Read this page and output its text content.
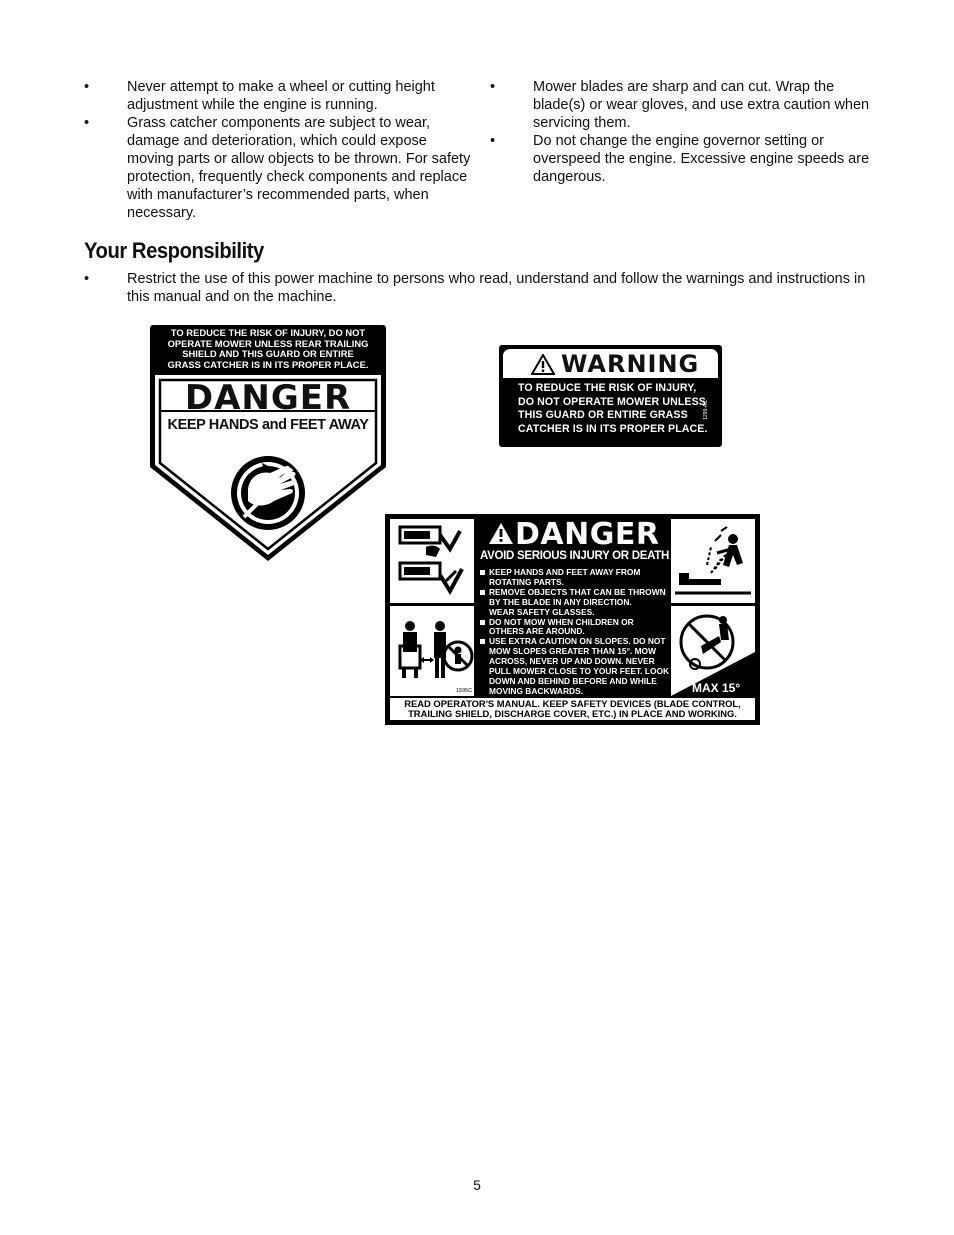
•	Never attempt to make a wheel or cutting height adjustment while the engine is running.
•	Grass catcher components are subject to wear, damage and deterioration, which could expose moving parts or allow objects to be thrown. For safety protection, frequently check components and replace with manufacturer’s recommended parts, when necessary.
•	Mower blades are sharp and can cut. Wrap the blade(s) or wear gloves, and use extra caution when servicing them.
•	Do not change the engine governor setting or overspeed the engine. Excessive engine speeds are dangerous.
Your Responsibility
•	Restrict the use of this power machine to persons who read, understand and follow the warnings and instructions in this manual and on the machine.
TO REDUCE THE RISK OF INJURY, DO NOT
OPERATE MOWER UNLESS REAR TRAILING
SHIELD AND THIS GUARD OR ENTIRE
GRASS CATCHER IS IN ITS PROPER PLACE.
DANGER
KEEP HANDS and FEET AWAY
WARNING
TO REDUCE THE RISK OF INJURY,
DO NOT OPERATE MOWER UNLESS
THIS GUARD OR ENTIRE GRASS
CATCHER IS IN ITS PROPER PLACE.
1299-AC
1595C	MAX 15°
DANGER
AVOID SERIOUS INJURY OR DEATH
KEEP HANDS AND FEET AWAY FROM
ROTATING PARTS.
REMOVE OBJECTS THAT CAN BE THROWN
BY THE BLADE IN ANY DIRECTION.
WEAR SAFETY GLASSES.
DO NOT MOW WHEN CHILDREN OR
OTHERS ARE AROUND.
USE EXTRA CAUTION ON SLOPES. DO NOT
MOW SLOPES GREATER THAN 15°. MOW
ACROSS, NEVER UP AND DOWN. NEVER
PULL MOWER CLOSE TO YOUR FEET. LOOK
DOWN AND BEHIND BEFORE AND WHILE
MOVING BACKWARDS.
READ OPERATOR'S MANUAL. KEEP SAFETY DEVICES (BLADE CONTROL,
TRAILING SHIELD, DISCHARGE COVER, ETC.) IN PLACE AND WORKING.
5
